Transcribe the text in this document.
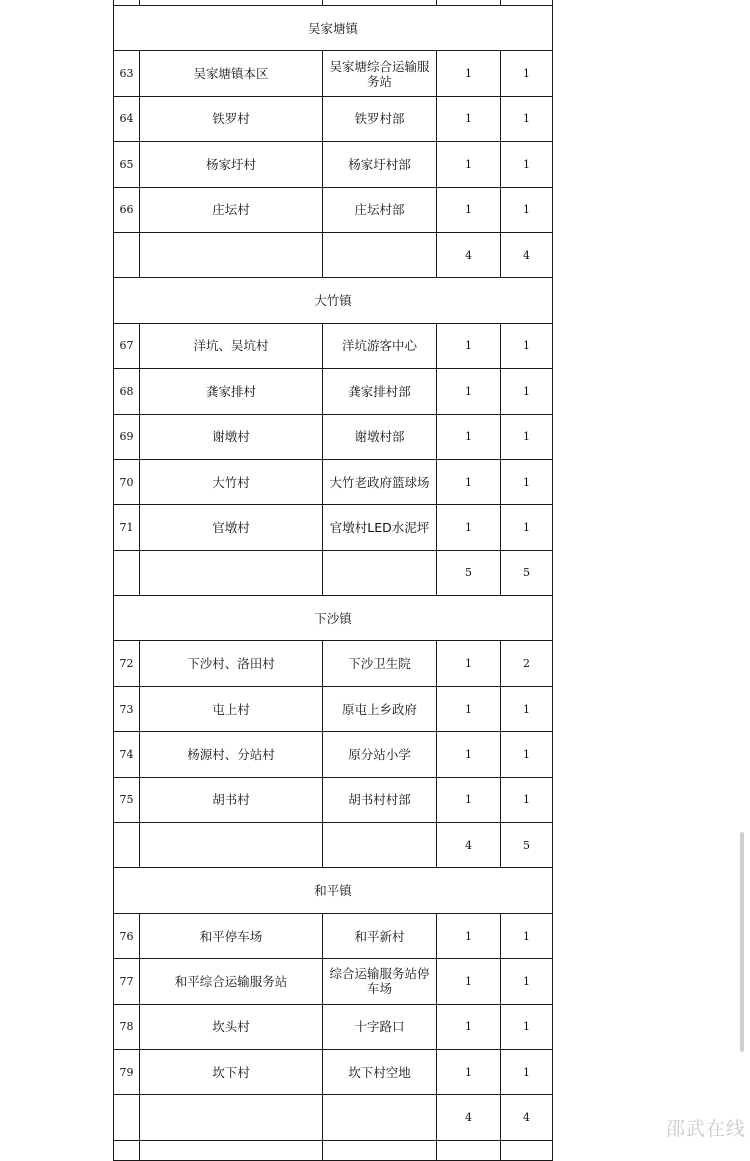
吴家塘镇				
63	吴家塘镇本区	吴家塘综合运输服务站	1	1
64	铁罗村	铁罗村部	1	1
65	杨家圩村	杨家圩村部	1	1
66	庄坛村	庄坛村部	1	1
			4	4
大竹镇				
67	洋坑、吴坑村	洋坑游客中心	1	1
68	龚家排村	龚家排村部	1	1
69	谢墩村	谢墩村部	1	1
70	大竹村	大竹老政府篮球场	1	1
71	官墩村	官墩村LED水泥坪	1	1
			5	5
下沙镇				
72	下沙村、洛田村	下沙卫生院	1	2
73	屯上村	原屯上乡政府	1	1
74	杨源村、分站村	原分站小学	1	1
75	胡书村	胡书村村部	1	1
			4	5
和平镇				
76	和平停车场	和平新村	1	1
77	和平综合运输服务站	综合运输服务站停车场	1	1
78	坎头村	十字路口	1	1
79	坎下村	坎下村空地	1	1
			4	4

邵武在线
